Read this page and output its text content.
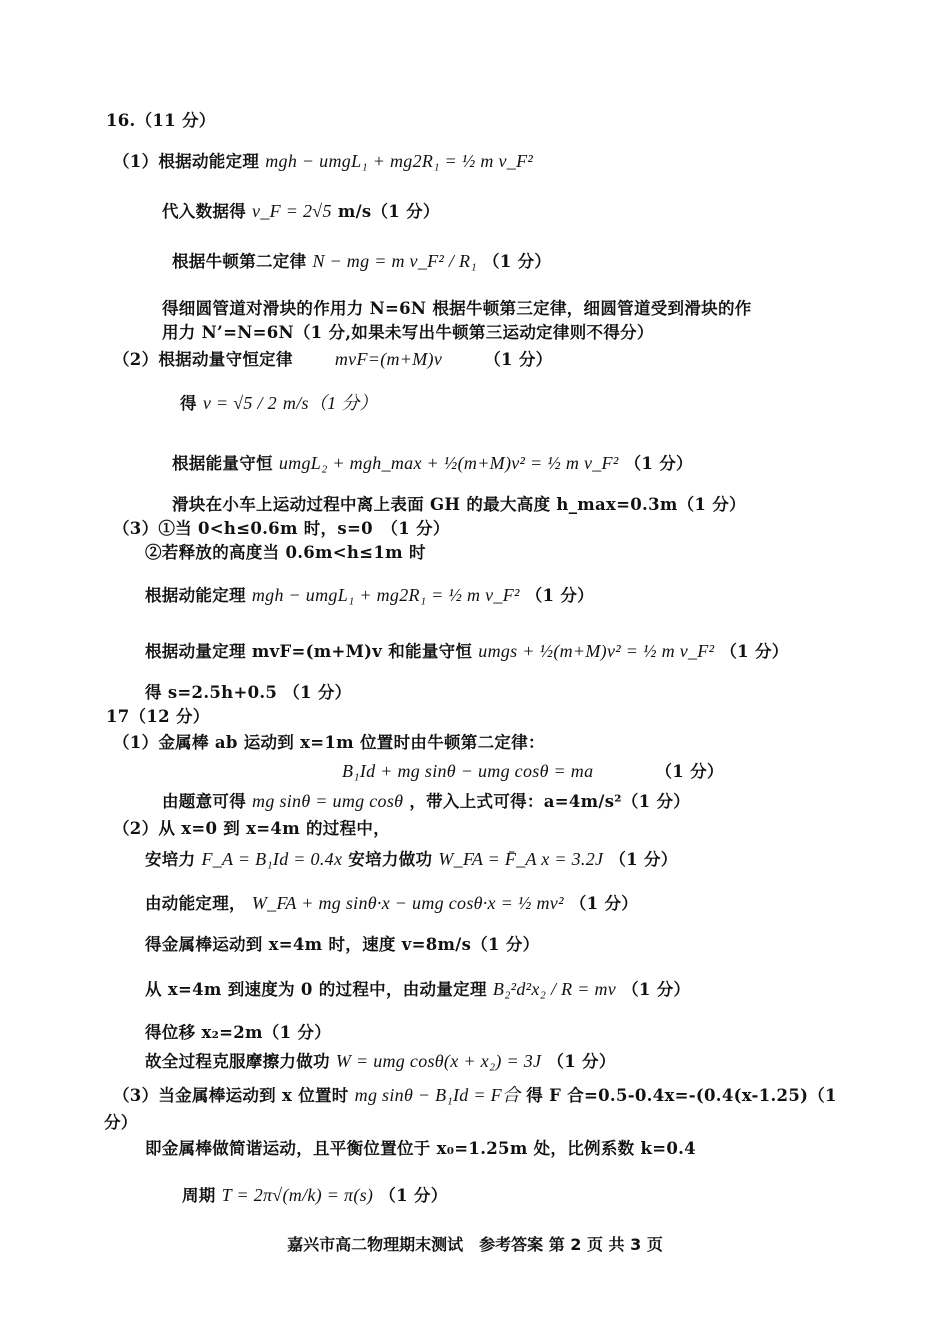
16.（11 分）
（1）根据动能定理 mgh − umgL₁ + mg2R₁ = ½ m v_F²
代入数据得 v_F = 2√5 m/s（1 分）
根据牛顿第二定律 N − mg = m v_F² / R₁ （1 分）
得细圆管道对滑块的作用力 N=6N 根据牛顿第三定律，细圆管道受到滑块的作
用力 N’=N=6N（1 分,如果未写出牛顿第三运动定律则不得分）
（2）根据动量守恒定律 mvF=(m+M)v	（1 分）
得 v = √5 / 2 m/s（1 分）
根据能量守恒 umgL₂ + mgh_max + ½(m+M)v² = ½ m v_F² （1 分）
滑块在小车上运动过程中离上表面 GH 的最大高度 h_max=0.3m（1 分）
（3）①当 0<h≤0.6m 时，s=0　（1 分）
②若释放的高度当 0.6m<h≤1m 时
根据动能定理 mgh − umgL₁ + mg2R₁ = ½ m v_F² （1 分）
根据动量定理 mvF=(m+M)v 和能量守恒 umgs + ½(m+M)v² = ½ m v_F² （1 分）
得 s=2.5h+0.5 （1 分）
17（12 分）
（1）金属棒 ab 运动到 x=1m 位置时由牛顿第二定律：
B₁Id + mg sinθ − umg cosθ = ma	（1 分）
由题意可得 mg sinθ = umg cosθ ，带入上式可得：a=4m/s²（1 分）
（2）从 x=0 到 x=4m 的过程中，
安培力 F_A = B₁Id = 0.4x 安培力做功 W_FA = F̄_A x = 3.2J （1 分）
由动能定理， W_FA + mg sinθ·x − umg cosθ·x = ½ mv² （1 分）
得金属棒运动到 x=4m 时，速度 v=8m/s（1 分）
从 x=4m 到速度为 0 的过程中，由动量定理 B₂²d²x₂ / R = mv （1 分）
得位移 x₂=2m（1 分）
故全过程克服摩擦力做功 W = umg cosθ(x + x₂) = 3J （1 分）
（3）当金属棒运动到 x 位置时 mg sinθ − B₁Id = F合 得 F 合=0.5-0.4x=-(0.4(x-1.25)（1
分）
即金属棒做简谐运动，且平衡位置位于 x₀=1.25m 处，比例系数 k=0.4
周期 T = 2π√(m/k) = π(s) （1 分）
嘉兴市高二物理期末测试　参考答案 第 2 页 共 3 页
